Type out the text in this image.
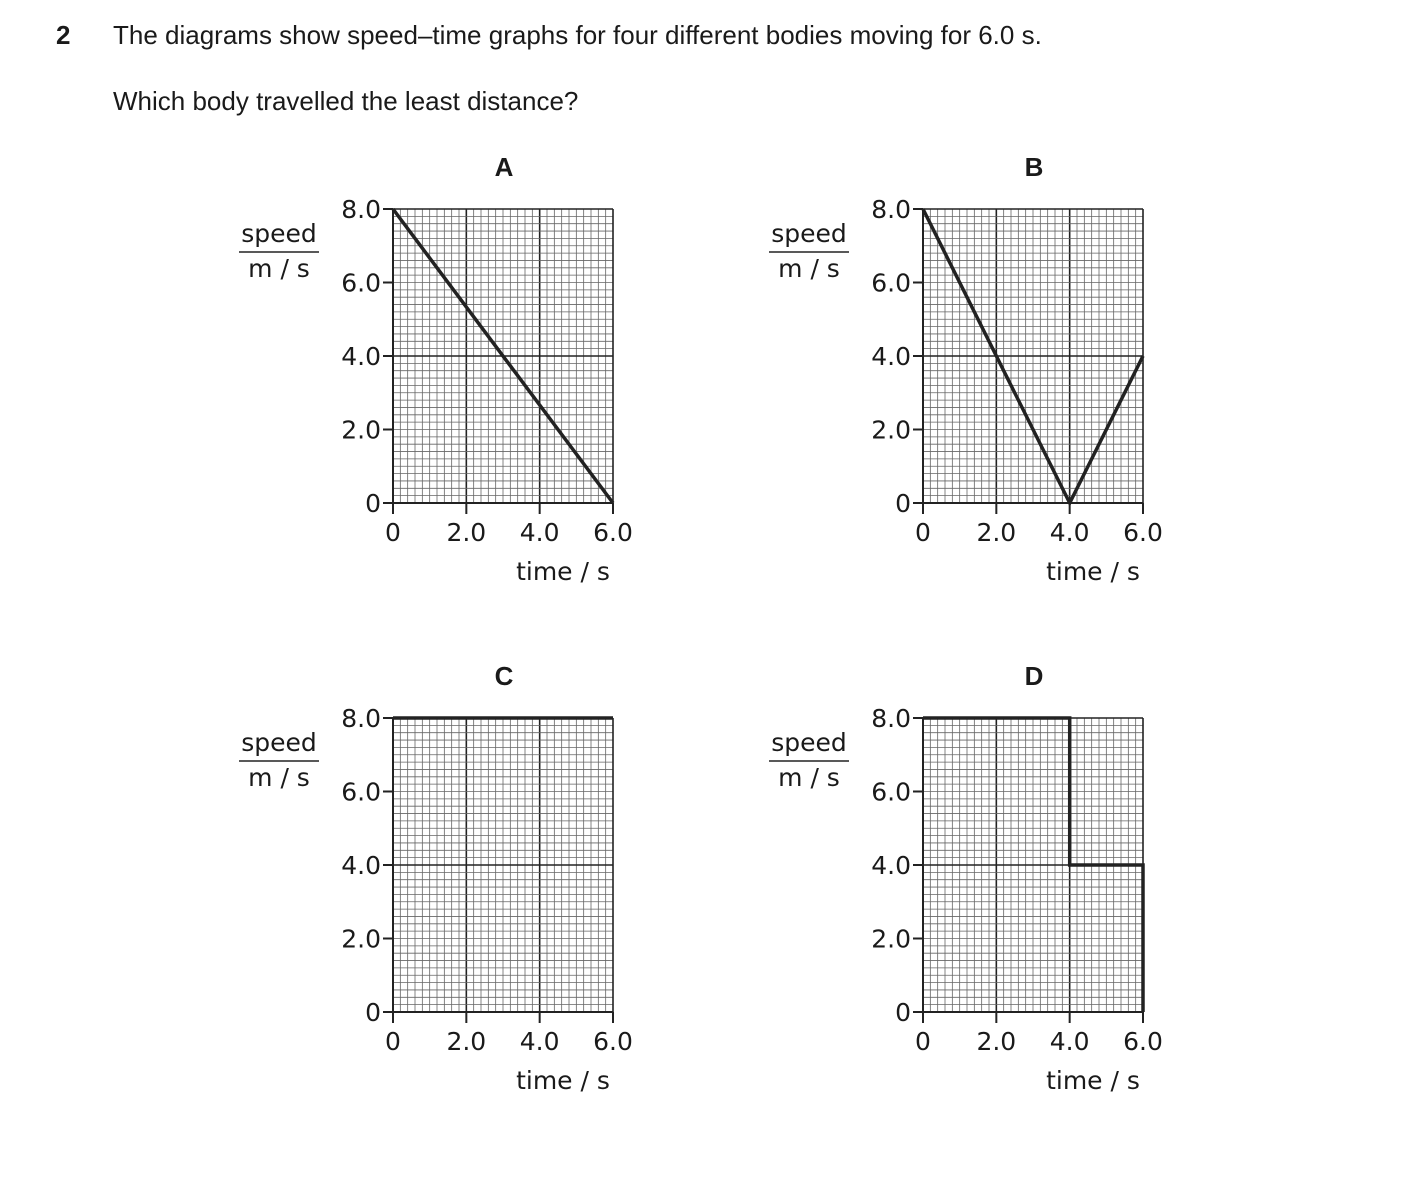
2 The diagrams show speed–time graphs for four different bodies moving for 6.0 s.
Which body travelled the least distance?
0
2.0
4.0
6.0
8.0
0 2.0 4.0 6.0
A
speed
m / s
time / s
0
2.0
4.0
6.0
8.0
0 2.0 4.0 6.0
B
speed
m / s
time / s
0
2.0
4.0
6.0
8.0
0 2.0 4.0 6.0
C
speed
m / s
time / s
0
2.0
4.0
6.0
8.0
0 2.0 4.0 6.0
D
speed
m / s
time / s
